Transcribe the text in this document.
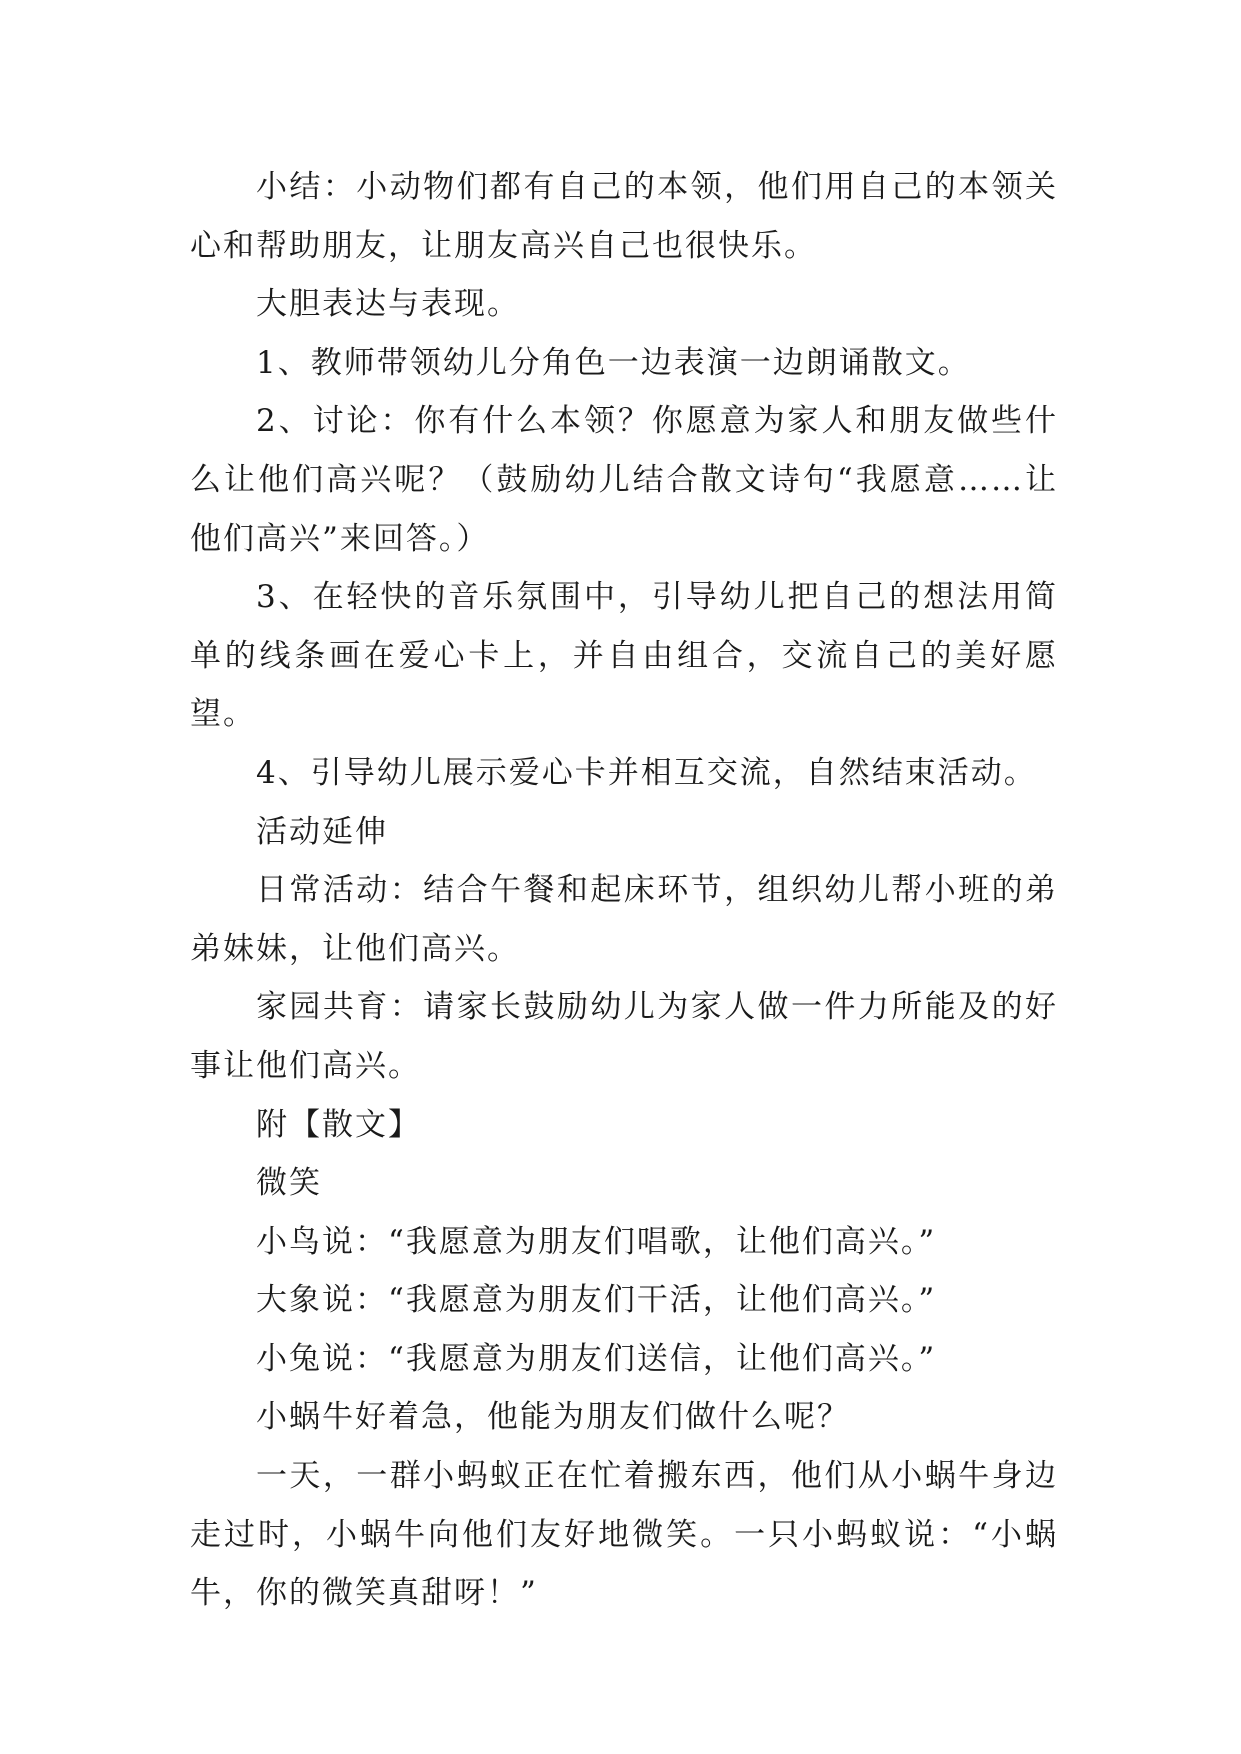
小结：小动物们都有自己的本领，他们用自己的本领关心和帮助朋友，让朋友高兴自己也很快乐。

大胆表达与表现。

1、教师带领幼儿分角色一边表演一边朗诵散文。

2、讨论：你有什么本领？你愿意为家人和朋友做些什么让他们高兴呢？（鼓励幼儿结合散文诗句“我愿意……让他们高兴”来回答。）

3、在轻快的音乐氛围中，引导幼儿把自己的想法用简单的线条画在爱心卡上，并自由组合，交流自己的美好愿望。

4、引导幼儿展示爱心卡并相互交流，自然结束活动。

活动延伸

日常活动：结合午餐和起床环节，组织幼儿帮小班的弟弟妹妹，让他们高兴。

家园共育：请家长鼓励幼儿为家人做一件力所能及的好事让他们高兴。

附【散文】

微笑

小鸟说：“我愿意为朋友们唱歌，让他们高兴。”

大象说：“我愿意为朋友们干活，让他们高兴。”

小兔说：“我愿意为朋友们送信，让他们高兴。”

小蜗牛好着急，他能为朋友们做什么呢？

一天，一群小蚂蚁正在忙着搬东西，他们从小蜗牛身边走过时，小蜗牛向他们友好地微笑。一只小蚂蚁说：“小蜗牛，你的微笑真甜呀！”
